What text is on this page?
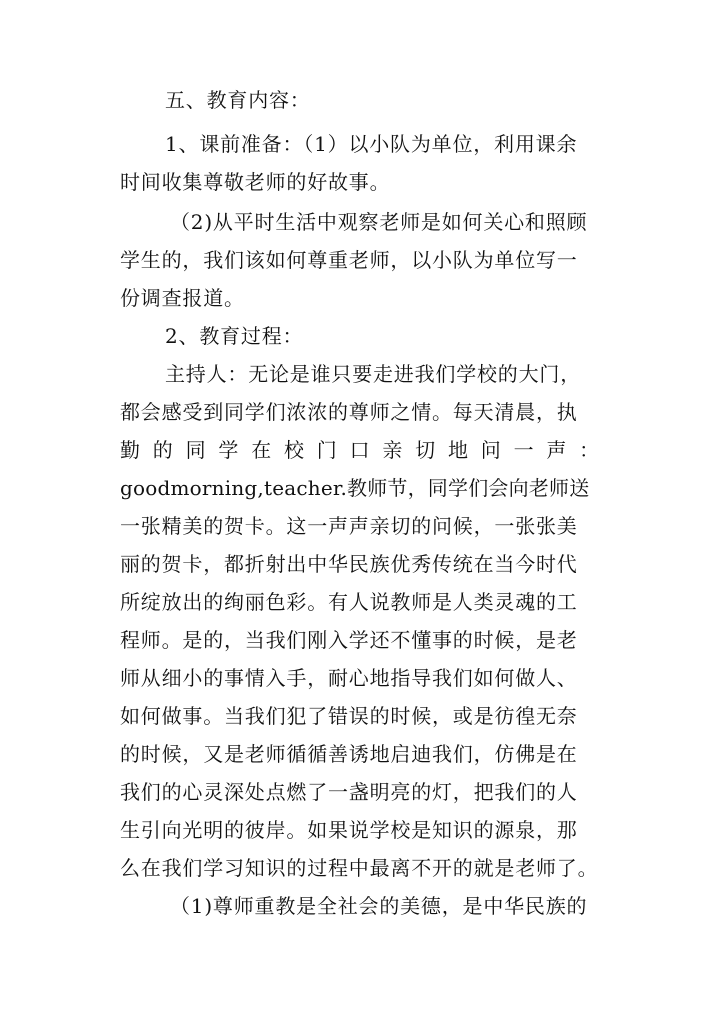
五、教育内容：
1、课前准备：（1）以小队为单位，利用课余
时间收集尊敬老师的好故事。
（2)从平时生活中观察老师是如何关心和照顾
学生的，我们该如何尊重老师，以小队为单位写一
份调查报道。
2、教育过程：
主持人：无论是谁只要走进我们学校的大门，
都会感受到同学们浓浓的尊师之情。每天清晨，执
勤 的 同 学 在 校 门 口 亲 切 地 问 一 声 ：
goodmorning,teacher.教师节，同学们会向老师送
一张精美的贺卡。这一声声亲切的问候，一张张美
丽的贺卡，都折射出中华民族优秀传统在当今时代
所绽放出的绚丽色彩。有人说教师是人类灵魂的工
程师。是的，当我们刚入学还不懂事的时候，是老
师从细小的事情入手，耐心地指导我们如何做人、
如何做事。当我们犯了错误的时候，或是彷徨无奈
的时候，又是老师循循善诱地启迪我们，仿佛是在
我们的心灵深处点燃了一盏明亮的灯，把我们的人
生引向光明的彼岸。如果说学校是知识的源泉，那
么在我们学习知识的过程中最离不开的就是老师了。
（1)尊师重教是全社会的美德，是中华民族的
